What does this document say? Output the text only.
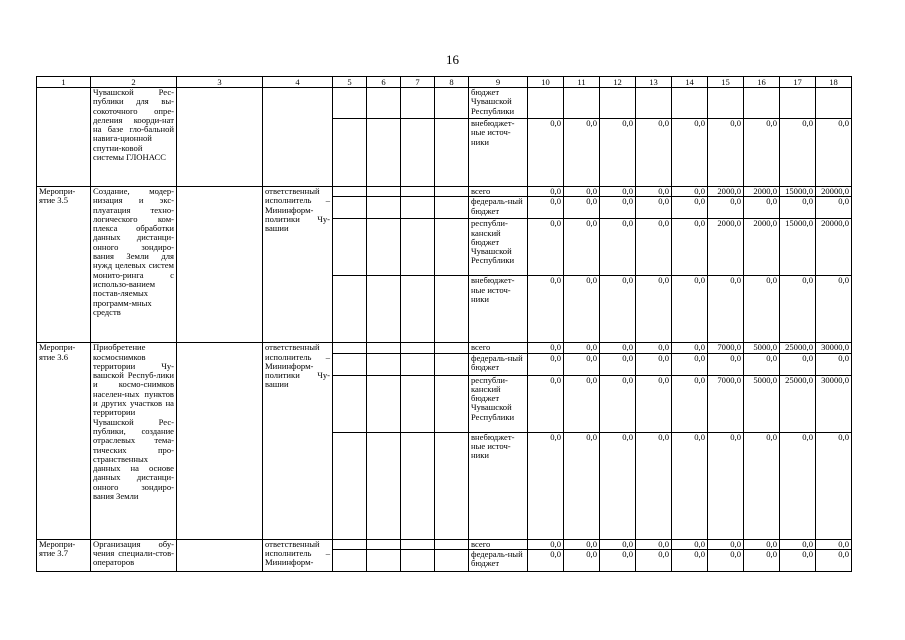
16
1	2	3	4	5	6	7	8	9	10	11	12	13	14	15	16	17	18
	Чувашской Рес-публики для вы-сокоточного опре-деления коорди-нат на базе гло-бальной навига-ционной спутни-ковой системы ГЛОНАСС							бюджет Чувашской Республики									
								внебюджет-ные источ-ники	0,0	0,0	0,0	0,0	0,0	0,0	0,0	0,0	0,0
Меропри-ятие 3.5	Создание, модер-низация и экс-плуатация техно-логического ком-плекса обработки данных дистанци-онного зондиро-вания Земли для нужд целевых систем монито-ринга с использо-ванием постав-ляемых программ-мных средств		ответственный исполнитель – Мининформ-политики Чу-вашии					всего	0,0	0,0	0,0	0,0	0,0	2000,0	2000,0	15000,0	20000,0
								федераль-ный бюджет	0,0	0,0	0,0	0,0	0,0	0,0	0,0	0,0	0,0
								республи-канский бюджет Чувашской Республики	0,0	0,0	0,0	0,0	0,0	2000,0	2000,0	15000,0	20000,0
								внебюджет-ные источ-ники	0,0	0,0	0,0	0,0	0,0	0,0	0,0	0,0	0,0
Меропри-ятие 3.6	Приобретение космоснимков территории Чу-вашской Респуб-лики и космо-снимков населен-ных пунктов и других участков на территории Чувашской Рес-публики, создание отраслевых тема-тических про-странственных данных на основе данных дистанци-онного зондиро-вания Земли		ответственный исполнитель – Мининформ-политики Чу-вашии					всего	0,0	0,0	0,0	0,0	0,0	7000,0	5000,0	25000,0	30000,0
								федераль-ный бюджет	0,0	0,0	0,0	0,0	0,0	0,0	0,0	0,0	0,0
								республи-канский бюджет Чувашской Республики	0,0	0,0	0,0	0,0	0,0	7000,0	5000,0	25000,0	30000,0
								внебюджет-ные источ-ники	0,0	0,0	0,0	0,0	0,0	0,0	0,0	0,0	0,0
Меропри-ятие 3.7	Организация обу-чения специали-стов-операторов		ответственный исполнитель – Мининформ-					всего	0,0	0,0	0,0	0,0	0,0	0,0	0,0	0,0	0,0
								федераль-ный бюджет	0,0	0,0	0,0	0,0	0,0	0,0	0,0	0,0	0,0
